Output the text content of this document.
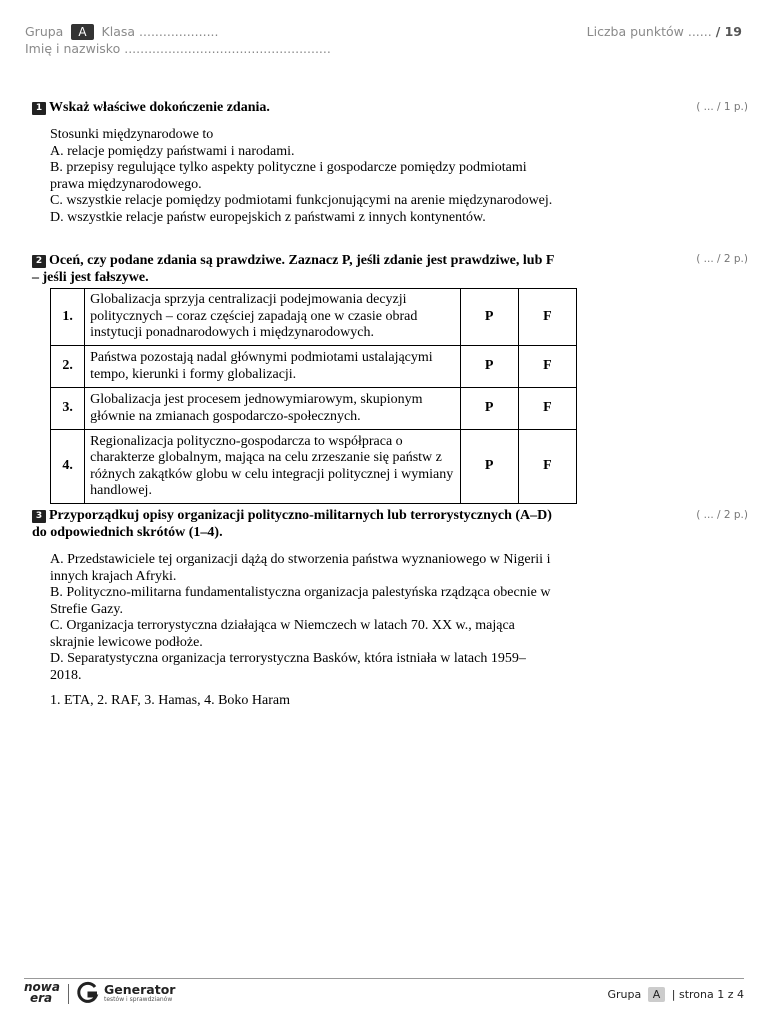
Grupa A Klasa ....................
Imię i nazwisko ....................................................
Liczba punktów ...... / 19
1 Wskaż właściwe dokończenie zdania.	( ... / 1 p.)

Stosunki międzynarodowe to

A. relacje pomiędzy państwami i narodami.

B. przepisy regulujące tylko aspekty polityczne i gospodarcze pomiędzy podmiotami

prawa międzynarodowego.

C. wszystkie relacje pomiędzy podmiotami funkcjonującymi na arenie międzynarodowej.

D. wszystkie relacje państw europejskich z państwami z innych kontynentów.

2 Oceń, czy podane zdania są prawdziwe. Zaznacz P, jeśli zdanie jest prawdziwe, lub F
– jeśli jest fałszywe.
( ... / 2 p.)
1.	Globalizacja sprzyja centralizacji podejmowania decyzji politycznych – coraz częściej zapadają one w czasie obrad instytucji ponadnarodowych i międzynarodowych.	P	F
2.	Państwa pozostają nadal głównymi podmiotami ustalającymi tempo, kierunki i formy globalizacji.	P	F
3.	Globalizacja jest procesem jednowymiarowym, skupionym głównie na zmianach gospodarczo-społecznych.	P	F
4.	Regionalizacja polityczno-gospodarcza to współpraca o charakterze globalnym, mająca na celu zrzeszanie się państw z różnych zakątków globu w celu integracji politycznej i wymiany handlowej.	P	F
3 Przyporządkuj opisy organizacji polityczno-militarnych lub terrorystycznych (A–D)
do odpowiednich skrótów (1–4).
( ... / 2 p.)

A. Przedstawiciele tej organizacji dążą do stworzenia państwa wyznaniowego w Nigerii i

innych krajach Afryki.

B. Polityczno-militarna fundamentalistyczna organizacja palestyńska rządząca obecnie w

Strefie Gazy.

C. Organizacja terrorystyczna działająca w Niemczech w latach 70. XX w., mająca

skrajnie lewicowe podłoże.

D. Separatystyczna organizacja terrorystyczna Basków, która istniała w latach 1959–

2018.

1. ETA, 2. RAF, 3. Hamas, 4. Boko Haram
nowa
era
Generator
testów i sprawdzianów	Grupa A | strona 1 z 4
